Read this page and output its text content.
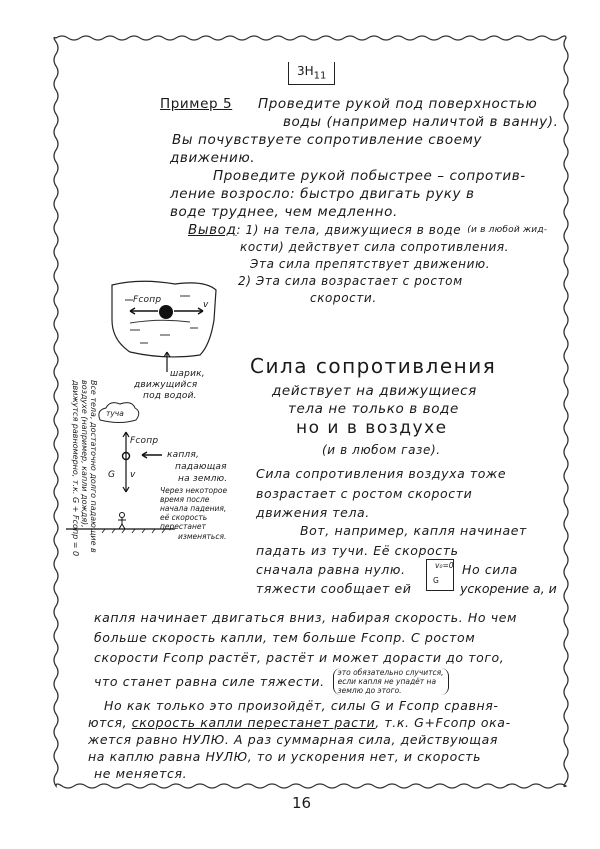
$3H_{11}$
Пример 5 Проведите рукой под поверхностью
воды (например наличтой в ванну).
Вы почувствуете сопротивление своему
движению.
Проведите рукой побыстрее – сопротив-
ление возросло: быстро двигать руку в
воде труднее, чем медленно.
Вывод : 1) на тела, движущиеся в воде (и в любой жид-
кости) действует сила сопротивления.
Эта сила препятствует движению.
2) Эта сила возрастает с ростом
скорости.
Fсопр	v
шарик,
движущийся
под водой.
туча
Fсопр
G v
капля,
падающая
на землю.
Через некоторое
время после
начала падения,
её скорость
перестанет
изменяться.
Все тела, достаточно долго падающие в воздухе (например, капли дождя), движутся равномерно, т.к. G + Fсопр = 0
Сила сопротивления
действует на движущиеся
тела не только в воде
но и в воздухе
(и в любом газе).
Сила сопротивления воздуха тоже
возрастает с ростом скорости
движения тела.
Вот, например, капля начинает
падать из тучи. Её скорость
сначала равна нулю.	v₀=0
G
Но сила
тяжести сообщает ей	ускорение a, и
капля начинает двигаться вниз, набирая скорость. Но чем
больше скорость капли, тем больше Fсопр. С ростом
скорости Fсопр растёт, растёт и может дорасти до того,
что станет равна силе тяжести.
это обязательно случится,
если капля не упадёт на
землю до этого.
Но как только это произойдёт, силы G и Fсопр сравня-
ются, скорость капли перестанет расти, т.к. G+Fсопр ока-
жется равно НУЛЮ. А раз суммарная сила, действующая
на каплю равна НУЛЮ, то и ускорения нет, и скорость
не меняется.
16
